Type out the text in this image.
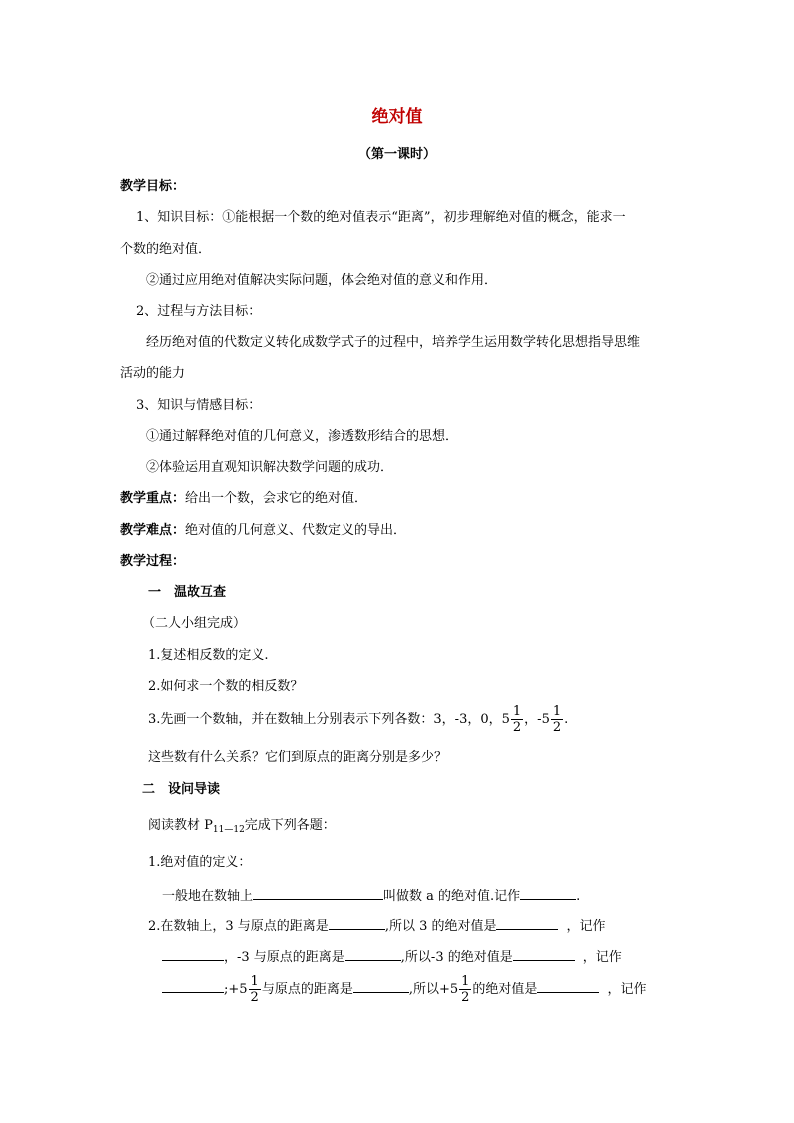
绝对值
（第一课时）
教学目标：
1、知识目标：①能根据一个数的绝对值表示“距离”，初步理解绝对值的概念，能求一
个数的绝对值．
②通过应用绝对值解决实际问题，体会绝对值的意义和作用．
2、过程与方法目标：
经历绝对值的代数定义转化成数学式子的过程中，培养学生运用数学转化思想指导思维
活动的能力
3、知识与情感目标：
①通过解释绝对值的几何意义，渗透数形结合的思想．
②体验运用直观知识解决数学问题的成功．
教学重点：给出一个数，会求它的绝对值．
教学难点：绝对值的几何意义、代数定义的导出．
教学过程：
一　温故互查
（二人小组完成）
1.复述相反数的定义.
2.如何求一个数的相反数？
3.先画一个数轴，并在数轴上分别表示下列各数：3，-3，0，$5 \frac{1}{2}$ ，$-5 \frac{1}{2}$ .
这些数有什么关系？它们到原点的距离分别是多少？
二　设问导读
阅读教材 $P_{11—12}$完成下列各题：
1.绝对值的定义：
一般地在数轴上	叫做数 a 的绝对值.记作	.
2.在数轴上，3 与原点的距离是	,所以 3 的绝对值是	，记作
，-3 与原点的距离是	,所以-3 的绝对值是	，记作
;+5 $\frac{1}{2}$ 与原点的距离是	,所以$+5 \frac{1}{2}$ 的绝对值是	，记作
